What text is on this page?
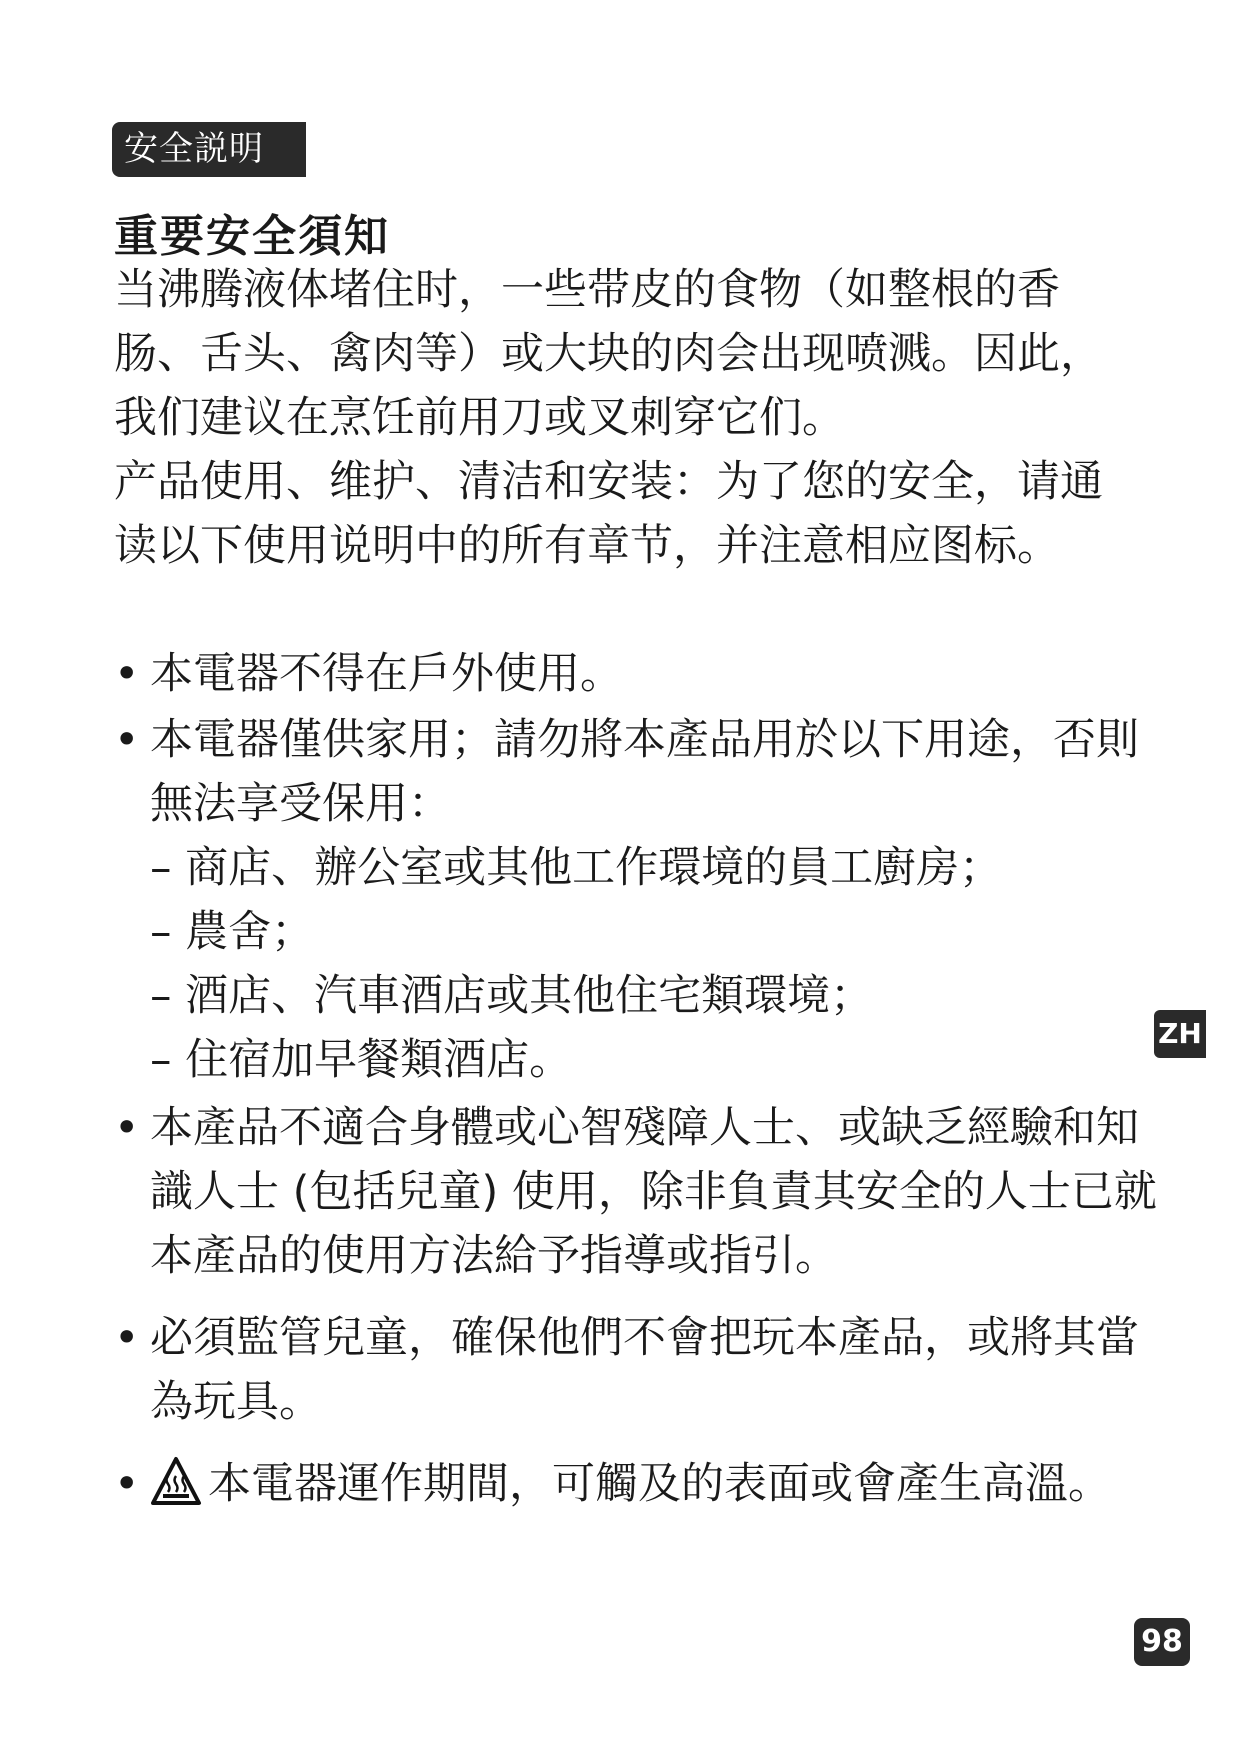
安全説明
重要安全須知

当沸腾液体堵住时，一些带皮的食物（如整根的香肠、舌头、禽肉等）或大块的肉会出现喷溅。因此，我们建议在烹饪前用刀或叉刺穿它们。

产品使用、维护、清洁和安装：为了您的安全，请通读以下使用说明中的所有章节，并注意相应图标。

• 本電器不得在戶外使用。
• 本電器僅供家用；請勿將本產品用於以下用途，否則無法享受保用：
– 商店、辦公室或其他工作環境的員工廚房；
– 農舍；
– 酒店、汽車酒店或其他住宅類環境；
– 住宿加早餐類酒店。
• 本產品不適合身體或心智殘障人士、或缺乏經驗和知識人士 (包括兒童) 使用，除非負責其安全的人士已就本產品的使用方法給予指導或指引。
• 必須監管兒童，確保他們不會把玩本產品，或將其當為玩具。
• 本電器運作期間，可觸及的表面或會產生高溫。
ZH
98
